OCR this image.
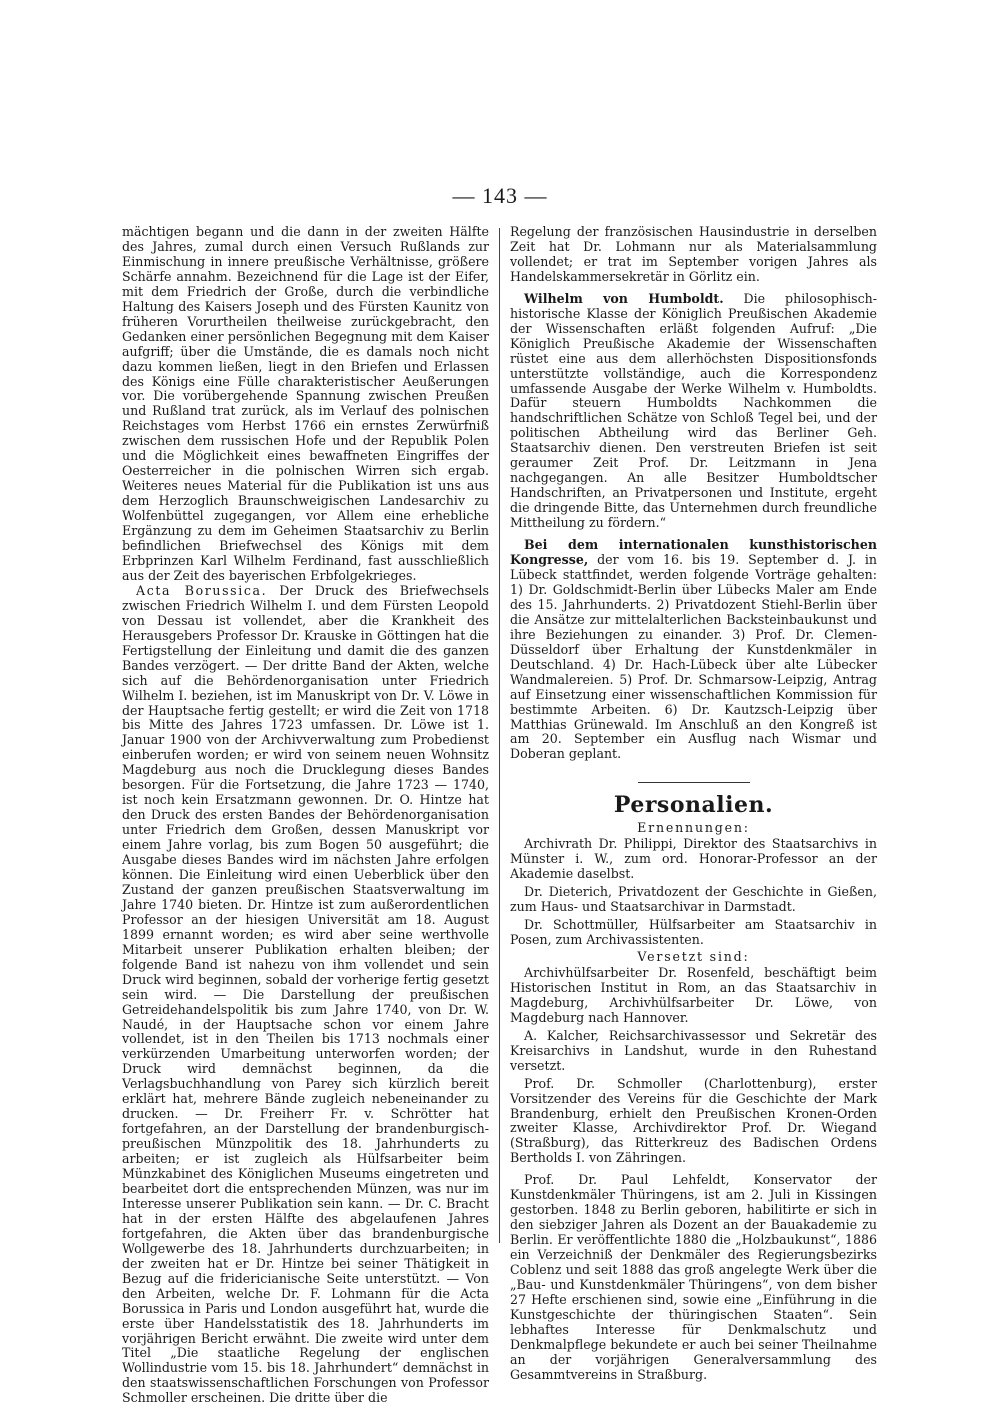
— 143 —

mächtigen begann und die dann in der zweiten Hälfte des Jahres, zumal durch einen Versuch Rußlands zur Einmischung in innere preußische Verhältnisse, größere Schärfe annahm. Bezeichnend für die Lage ist der Eifer, mit dem Friedrich der Große, durch die verbindliche Haltung des Kaisers Joseph und des Fürsten Kaunitz von früheren Vorurtheilen theilweise zurückgebracht, den Gedanken einer persönlichen Begegnung mit dem Kaiser aufgriff; über die Umstände, die es damals noch nicht dazu kommen ließen, liegt in den Briefen und Erlassen des Königs eine Fülle charakteristischer Aeußerungen vor. Die vorübergehende Spannung zwischen Preußen und Rußland trat zurück, als im Verlauf des polnischen Reichstages vom Herbst 1766 ein ernstes Zerwürfniß zwischen dem russischen Hofe und der Republik Polen und die Möglichkeit eines bewaffneten Eingriffes der Oesterreicher in die polnischen Wirren sich ergab. Weiteres neues Material für die Publikation ist uns aus dem Herzoglich Braunschweigischen Landesarchiv zu Wolfenbüttel zugegangen, vor Allem eine erhebliche Ergänzung zu dem im Geheimen Staatsarchiv zu Berlin befindlichen Briefwechsel des Königs mit dem Erbprinzen Karl Wilhelm Ferdinand, fast ausschließlich aus der Zeit des bayerischen Erbfolgekrieges.

Acta Borussica. Der Druck des Briefwechsels zwischen Friedrich Wilhelm I. und dem Fürsten Leopold von Dessau ist vollendet, aber die Krankheit des Herausgebers Professor Dr. Krauske in Göttingen hat die Fertigstellung der Einleitung und damit die des ganzen Bandes verzögert. — Der dritte Band der Akten, welche sich auf die Behördenorganisation unter Friedrich Wilhelm I. beziehen, ist im Manuskript von Dr. V. Löwe in der Hauptsache fertig gestellt; er wird die Zeit von 1718 bis Mitte des Jahres 1723 umfassen. Dr. Löwe ist 1. Januar 1900 von der Archivverwaltung zum Probedienst einberufen worden; er wird von seinem neuen Wohnsitz Magdeburg aus noch die Drucklegung dieses Bandes besorgen. Für die Fortsetzung, die Jahre 1723 — 1740, ist noch kein Ersatzmann gewonnen. Dr. O. Hintze hat den Druck des ersten Bandes der Behördenorganisation unter Friedrich dem Großen, dessen Manuskript vor einem Jahre vorlag, bis zum Bogen 50 ausgeführt; die Ausgabe dieses Bandes wird im nächsten Jahre erfolgen können. Die Einleitung wird einen Ueberblick über den Zustand der ganzen preußischen Staatsverwaltung im Jahre 1740 bieten. Dr. Hintze ist zum außerordentlichen Professor an der hiesigen Universität am 18. August 1899 ernannt worden; es wird aber seine werthvolle Mitarbeit unserer Publikation erhalten bleiben; der folgende Band ist nahezu von ihm vollendet und sein Druck wird beginnen, sobald der vorherige fertig gesetzt sein wird. — Die Darstellung der preußischen Getreidehandelspolitik bis zum Jahre 1740, von Dr. W. Naudé, in der Hauptsache schon vor einem Jahre vollendet, ist in den Theilen bis 1713 nochmals einer verkürzenden Umarbeitung unterworfen worden; der Druck wird demnächst beginnen, da die Verlagsbuchhandlung von Parey sich kürzlich bereit erklärt hat, mehrere Bände zugleich nebeneinander zu drucken. — Dr. Freiherr Fr. v. Schrötter hat fortgefahren, an der Darstellung der brandenburgisch-preußischen Münzpolitik des 18. Jahrhunderts zu arbeiten; er ist zugleich als Hülfsarbeiter beim Münzkabinet des Königlichen Museums eingetreten und bearbeitet dort die entsprechenden Münzen, was nur im Interesse unserer Publikation sein kann. — Dr. C. Bracht hat in der ersten Hälfte des abgelaufenen Jahres fortgefahren, die Akten über das brandenburgische Wollgewerbe des 18. Jahrhunderts durchzuarbeiten; in der zweiten hat er Dr. Hintze bei seiner Thätigkeit in Bezug auf die fridericianische Seite unterstützt. — Von den Arbeiten, welche Dr. F. Lohmann für die Acta Borussica in Paris und London ausgeführt hat, wurde die erste über Handelsstatistik des 18. Jahrhunderts im vorjährigen Bericht erwähnt. Die zweite wird unter dem Titel „Die staatliche Regelung der englischen Wollindustrie vom 15. bis 18. Jahrhundert“ demnächst in den staatswissenschaftlichen Forschungen von Professor Schmoller erscheinen. Die dritte über die

Regelung der französischen Hausindustrie in derselben Zeit hat Dr. Lohmann nur als Materialsammlung vollendet; er trat im September vorigen Jahres als Handelskammersekretär in Görlitz ein.

Wilhelm von Humboldt. Die philosophisch-historische Klasse der Königlich Preußischen Akademie der Wissenschaften erläßt folgenden Aufruf: „Die Königlich Preußische Akademie der Wissenschaften rüstet eine aus dem allerhöchsten Dispositionsfonds unterstützte vollständige, auch die Korrespondenz umfassende Ausgabe der Werke Wilhelm v. Humboldts. Dafür steuern Humboldts Nachkommen die handschriftlichen Schätze von Schloß Tegel bei, und der politischen Abtheilung wird das Berliner Geh. Staatsarchiv dienen. Den verstreuten Briefen ist seit geraumer Zeit Prof. Dr. Leitzmann in Jena nachgegangen. An alle Besitzer Humboldtscher Handschriften, an Privatpersonen und Institute, ergeht die dringende Bitte, das Unternehmen durch freundliche Mittheilung zu fördern.“

Bei dem internationalen kunsthistorischen Kongresse, der vom 16. bis 19. September d. J. in Lübeck stattfindet, werden folgende Vorträge gehalten: 1) Dr. Goldschmidt-Berlin über Lübecks Maler am Ende des 15. Jahrhunderts. 2) Privatdozent Stiehl-Berlin über die Ansätze zur mittelalterlichen Backsteinbaukunst und ihre Beziehungen zu einander. 3) Prof. Dr. Clemen-Düsseldorf über Erhaltung der Kunstdenkmäler in Deutschland. 4) Dr. Hach-Lübeck über alte Lübecker Wandmalereien. 5) Prof. Dr. Schmarsow-Leipzig, Antrag auf Einsetzung einer wissenschaftlichen Kommission für bestimmte Arbeiten. 6) Dr. Kautzsch-Leipzig über Matthias Grünewald. Im Anschluß an den Kongreß ist am 20. September ein Ausflug nach Wismar und Doberan geplant.

Personalien.
Ernennungen:

Archivrath Dr. Philippi, Direktor des Staatsarchivs in Münster i. W., zum ord. Honorar-Professor an der Akademie daselbst.

Dr. Dieterich, Privatdozent der Geschichte in Gießen, zum Haus- und Staatsarchivar in Darmstadt.

Dr. Schottmüller, Hülfsarbeiter am Staatsarchiv in Posen, zum Archivassistenten.

Versetzt sind:

Archivhülfsarbeiter Dr. Rosenfeld, beschäftigt beim Historischen Institut in Rom, an das Staatsarchiv in Magdeburg, Archivhülfsarbeiter Dr. Löwe, von Magdeburg nach Hannover.

A. Kalcher, Reichsarchivassessor und Sekretär des Kreisarchivs in Landshut, wurde in den Ruhestand versetzt.

Prof. Dr. Schmoller (Charlottenburg), erster Vorsitzender des Vereins für die Geschichte der Mark Brandenburg, erhielt den Preußischen Kronen-Orden zweiter Klasse, Archivdirektor Prof. Dr. Wiegand (Straßburg), das Ritterkreuz des Badischen Ordens Bertholds I. von Zähringen.

Prof. Dr. Paul Lehfeldt, Konservator der Kunstdenkmäler Thüringens, ist am 2. Juli in Kissingen gestorben. 1848 zu Berlin geboren, habilitirte er sich in den siebziger Jahren als Dozent an der Bauakademie zu Berlin. Er veröffentlichte 1880 die „Holzbaukunst“, 1886 ein Verzeichniß der Denkmäler des Regierungsbezirks Coblenz und seit 1888 das groß angelegte Werk über die „Bau- und Kunstdenkmäler Thüringens“, von dem bisher 27 Hefte erschienen sind, sowie eine „Einführung in die Kunstgeschichte der thüringischen Staaten“. Sein lebhaftes Interesse für Denkmalschutz und Denkmalpflege bekundete er auch bei seiner Theilnahme an der vorjährigen Generalversammlung des Gesammtvereins in Straßburg.
